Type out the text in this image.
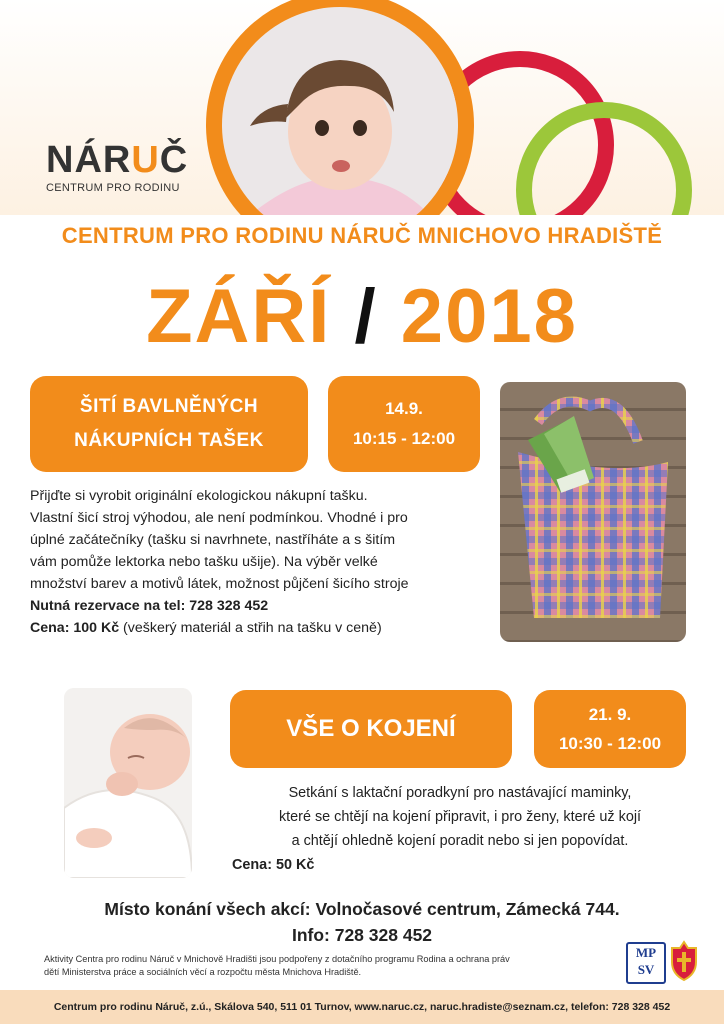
NÁRUČ
CENTRUM PRO RODINU
CENTRUM PRO RODINU NÁRUČ MNICHOVO HRADIŠTĚ
ZÁŘÍ / 2018
ŠITÍ BAVLNĚNÝCH
NÁKUPNÍCH TAŠEK
14.9.
10:15 - 12:00
Přijďte si vyrobit originální ekologickou nákupní tašku.
Vlastní šicí stroj výhodou, ale není podmínkou. Vhodné i pro
úplné začátečníky (tašku si navrhnete, nastříháte a s šitím
vám pomůže lektorka nebo tašku ušije). Na výběr velké
množství barev a motivů látek, možnost půjčení šicího stroje
Nutná rezervace na tel: 728 328 452
Cena: 100 Kč (veškerý materiál a střih na tašku v ceně)
VŠE O KOJENÍ
21. 9.
10:30 - 12:00
Setkání s laktační poradkyní pro nastávající maminky,
které se chtějí na kojení připravit, i pro ženy, které už kojí
a chtějí ohledně kojení poradit nebo si jen popovídat.
Cena: 50 Kč
Místo konání všech akcí: Volnočasové centrum, Zámecká 744.
Info: 728 328 452
Aktivity Centra pro rodinu Náruč v Mnichově Hradišti jsou podpořeny z dotačního programu Rodina a ochrana práv
dětí Ministerstva práce a sociálních věcí a rozpočtu města Mnichova Hradiště.
MP
SV
Centrum pro rodinu Náruč, z.ú., Skálova 540, 511 01 Turnov, www.naruc.cz, naruc.hradiste@seznam.cz, telefon: 728 328 452
